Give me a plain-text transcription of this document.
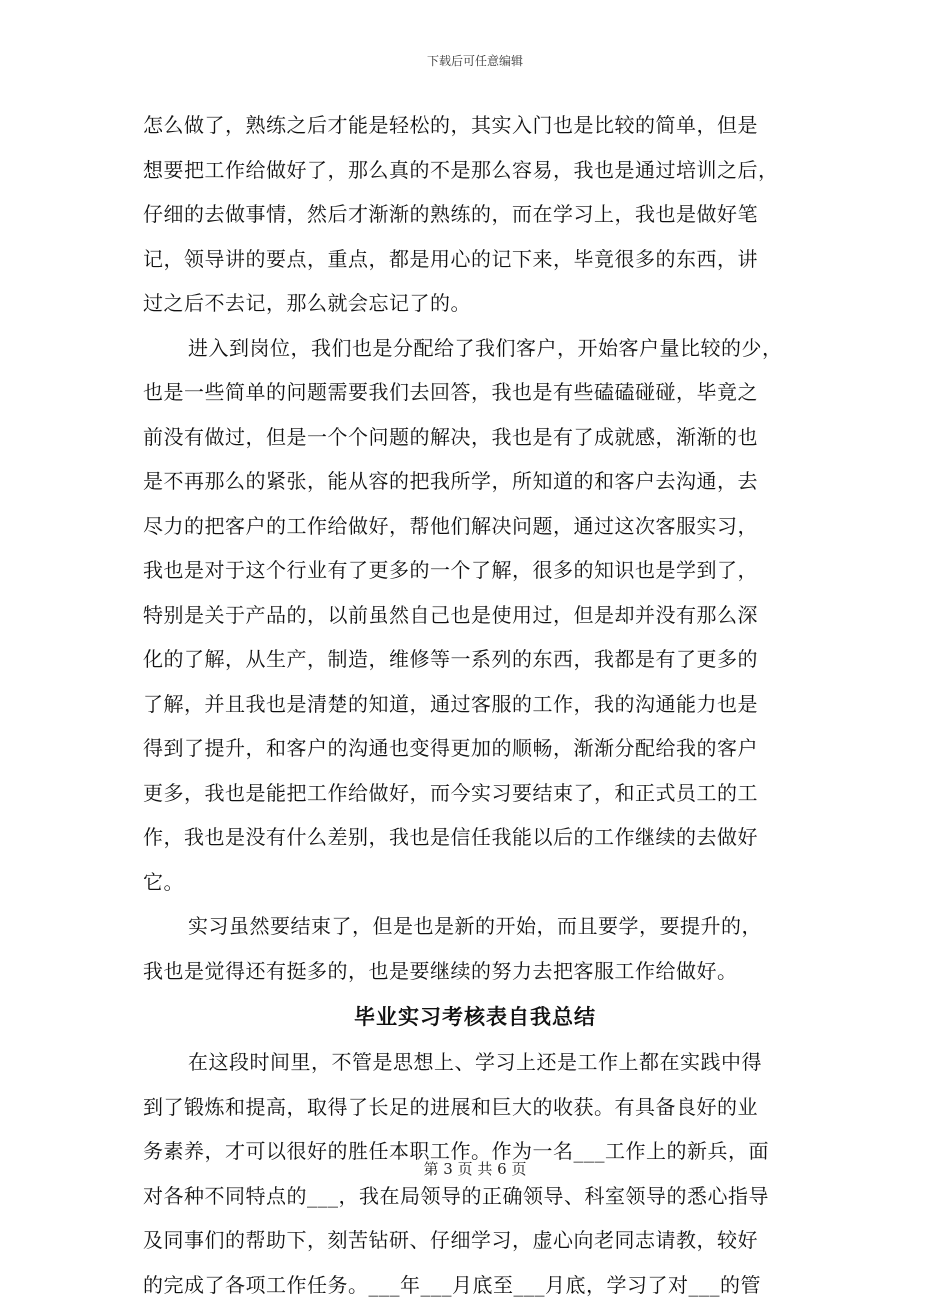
下载后可任意编辑
怎么做了，熟练之后才能是轻松的，其实入门也是比较的简单，但是
想要把工作给做好了，那么真的不是那么容易，我也是通过培训之后，
仔细的去做事情，然后才渐渐的熟练的，而在学习上，我也是做好笔
记，领导讲的要点，重点，都是用心的记下来，毕竟很多的东西，讲
过之后不去记，那么就会忘记了的。
进入到岗位，我们也是分配给了我们客户，开始客户量比较的少，
也是一些简单的问题需要我们去回答，我也是有些磕磕碰碰，毕竟之
前没有做过，但是一个个问题的解决，我也是有了成就感，渐渐的也
是不再那么的紧张，能从容的把我所学，所知道的和客户去沟通，去
尽力的把客户的工作给做好，帮他们解决问题，通过这次客服实习，
我也是对于这个行业有了更多的一个了解，很多的知识也是学到了，
特别是关于产品的，以前虽然自己也是使用过，但是却并没有那么深
化的了解，从生产，制造，维修等一系列的东西，我都是有了更多的
了解，并且我也是清楚的知道，通过客服的工作，我的沟通能力也是
得到了提升，和客户的沟通也变得更加的顺畅，渐渐分配给我的客户
更多，我也是能把工作给做好，而今实习要结束了，和正式员工的工
作，我也是没有什么差别，我也是信任我能以后的工作继续的去做好
它。
实习虽然要结束了，但是也是新的开始，而且要学，要提升的，
我也是觉得还有挺多的，也是要继续的努力去把客服工作给做好。
毕业实习考核表自我总结
在这段时间里，不管是思想上、学习上还是工作上都在实践中得
到了锻炼和提高，取得了长足的进展和巨大的收获。有具备良好的业
务素养，才可以很好的胜任本职工作。作为一名___工作上的新兵，面
对各种不同特点的___，我在局领导的正确领导、科室领导的悉心指导
及同事们的帮助下，刻苦钻研、仔细学习，虚心向老同志请教，较好
的完成了各项工作任务。___年___月底至___月底，学习了对___的管
第 3 页 共 6 页
